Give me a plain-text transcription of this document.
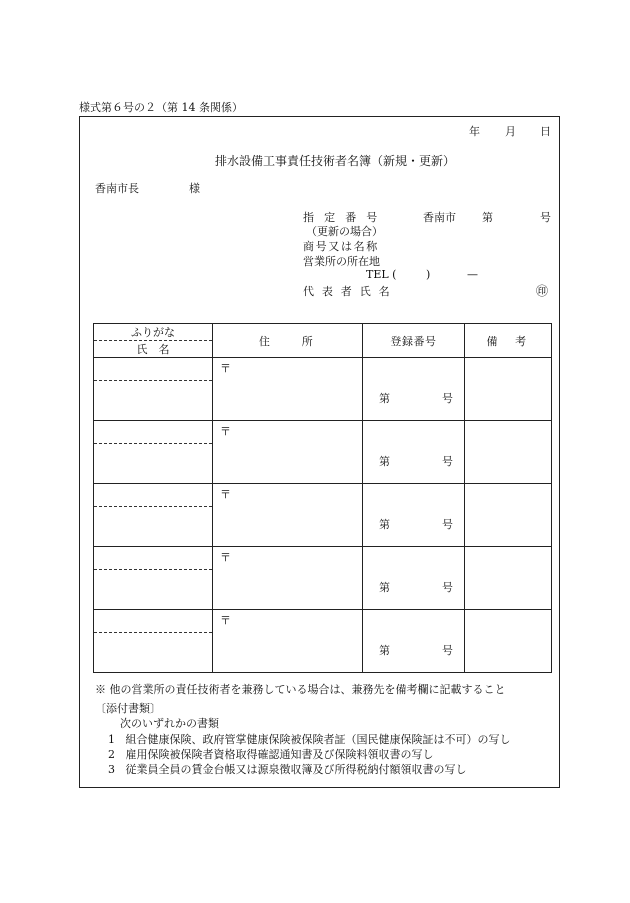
様式第６号の２（第 14 条関係）
年 月 日
排水設備工事責任技術者名簿（新規・更新）
香南市長	様
指 定 番 号	香南市 第	号
（更新の場合）
商号又は名称
営業所の所在地
TEL (	)	—
代 表 者 氏 名	㊞
ふりがな
氏　名	住　　所	登録番号	備　考

	〒	第 号	

	〒	第 号	

	〒	第 号	

	〒	第 号	

	〒	第 号	

※ 他の営業所の責任技術者を兼務している場合は、兼務先を備考欄に記載すること
〔添付書類〕
次のいずれかの書類
1 組合健康保険、政府管掌健康保険被保険者証（国民健康保険証は不可）の写し
2 雇用保険被保険者資格取得確認通知書及び保険料領収書の写し
3 従業員全員の賃金台帳又は源泉徴収簿及び所得税納付額領収書の写し
